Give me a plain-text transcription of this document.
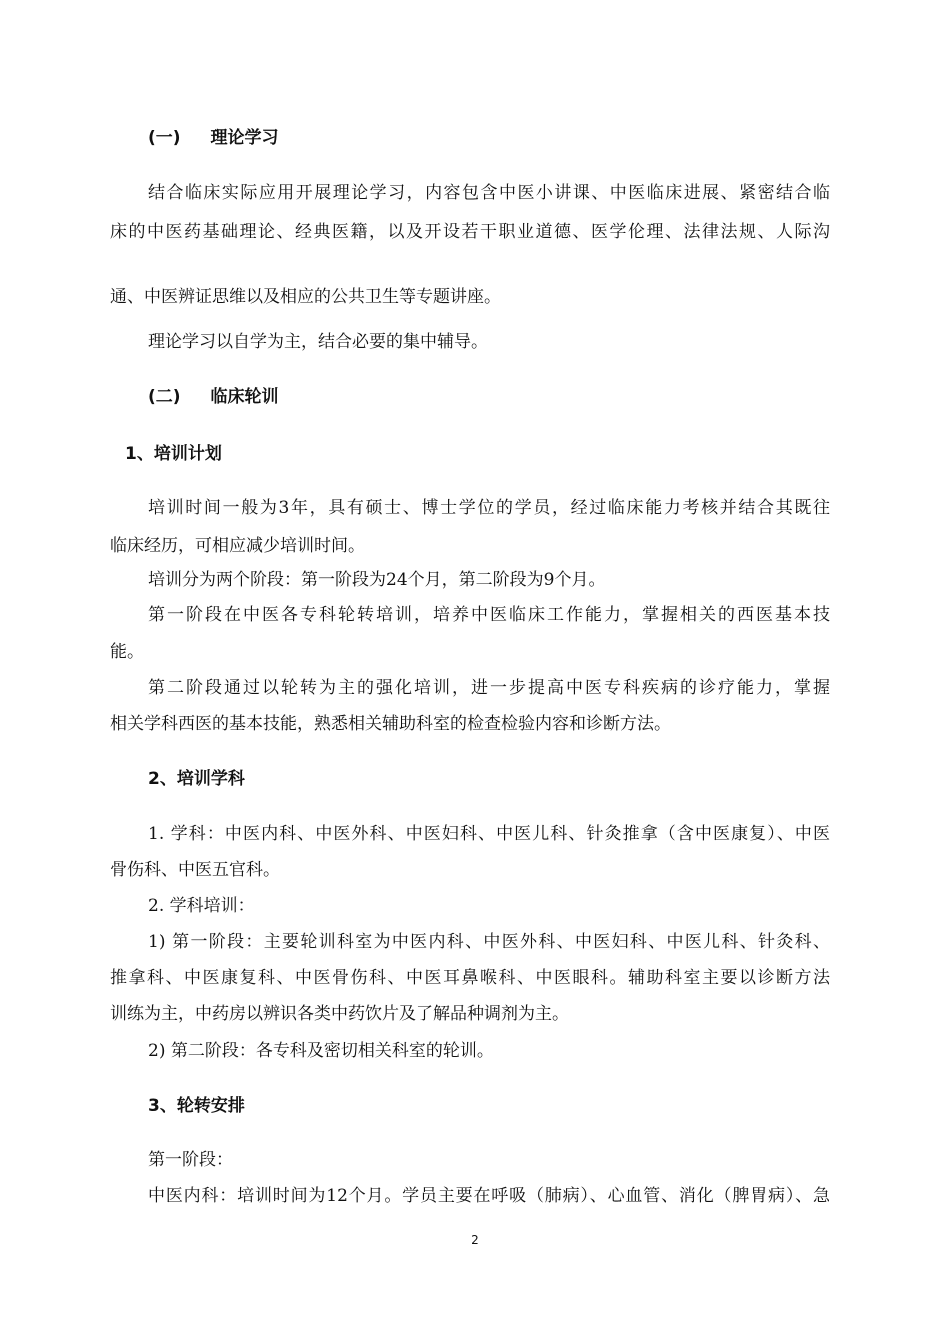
(一) 理论学习
结合临床实际应用开展理论学习，内容包含中医小讲课、中医临床进展、紧密结合临
床的中医药基础理论、经典医籍，以及开设若干职业道德、医学伦理、法律法规、人际沟
通、中医辨证思维以及相应的公共卫生等专题讲座。
理论学习以自学为主，结合必要的集中辅导。
(二) 临床轮训
1、培训计划
培训时间一般为3年，具有硕士、博士学位的学员，经过临床能力考核并结合其既往
临床经历，可相应减少培训时间。
培训分为两个阶段：第一阶段为24个月，第二阶段为9个月。
第一阶段在中医各专科轮转培训，培养中医临床工作能力，掌握相关的西医基本技
能。
第二阶段通过以轮转为主的强化培训，进一步提高中医专科疾病的诊疗能力，掌握
相关学科西医的基本技能，熟悉相关辅助科室的检查检验内容和诊断方法。
2、培训学科
1. 学科：中医内科、中医外科、中医妇科、中医儿科、针灸推拿（含中医康复）、中医
骨伤科、中医五官科。
2. 学科培训：
1) 第一阶段：主要轮训科室为中医内科、中医外科、中医妇科、中医儿科、针灸科、
推拿科、中医康复科、中医骨伤科、中医耳鼻喉科、中医眼科。辅助科室主要以诊断方法
训练为主，中药房以辨识各类中药饮片及了解品种调剂为主。
2) 第二阶段：各专科及密切相关科室的轮训。
3、轮转安排
第一阶段：
中医内科：培训时间为12个月。学员主要在呼吸（肺病）、心血管、消化（脾胃病）、急
2
